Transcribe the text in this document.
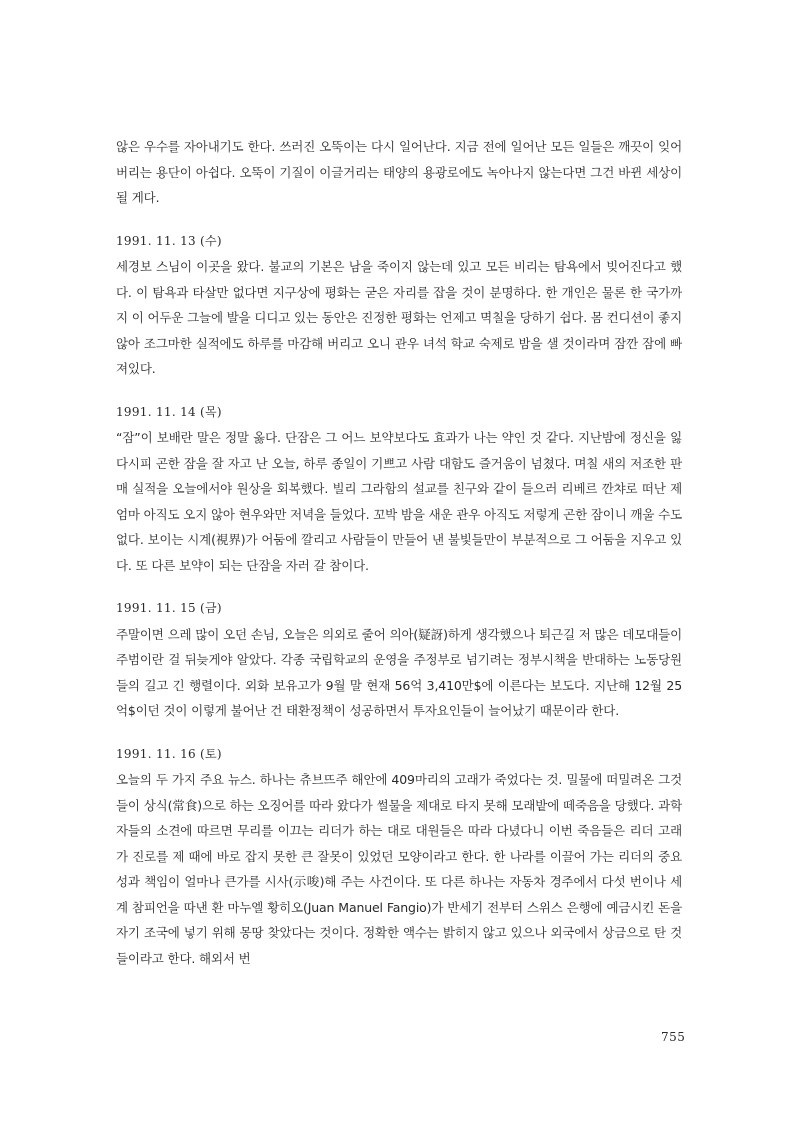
않은 우수를 자아내기도 한다. 쓰러진 오뚝이는 다시 일어난다. 지금 전에 일어난 모든 일들은 깨끗이 잊어버리는 용단이 아쉽다. 오뚝이 기질이 이글거리는 태양의 용광로에도 녹아나지 않는다면 그건 바뀐 세상이 될 게다.

1991. 11. 13 (수)

세경보 스님이 이곳을 왔다. 불교의 기본은 남을 죽이지 않는데 있고 모든 비리는 탐욕에서 빚어진다고 했다. 이 탐욕과 타살만 없다면 지구상에 평화는 굳은 자리를 잡을 것이 분명하다. 한 개인은 물론 한 국가까지 이 어두운 그늘에 발을 디디고 있는 동안은 진정한 평화는 언제고 멱칠을 당하기 쉽다. 몸 컨디션이 좋지 않아 조그마한 실적에도 하루를 마감해 버리고 오니 관우 녀석 학교 숙제로 밤을 샐 것이라며 잠깐 잠에 빠져있다.

1991. 11. 14 (목)

“잠”이 보배란 말은 정말 옳다. 단잠은 그 어느 보약보다도 효과가 나는 약인 것 같다. 지난밤에 정신을 잃다시피 곤한 잠을 잘 자고 난 오늘, 하루 종일이 기쁘고 사람 대함도 즐거움이 넘쳤다. 며칠 새의 저조한 판매 실적을 오늘에서야 원상을 회복했다. 빌리 그라함의 설교를 친구와 같이 들으러 리베르 깐챠로 떠난 제 엄마 아직도 오지 않아 현우와만 저녁을 들었다. 꼬박 밤을 새운 관우 아직도 저렇게 곤한 잠이니 깨울 수도 없다. 보이는 시계(視界)가 어둠에 깔리고 사람들이 만들어 낸 불빛들만이 부분적으로 그 어둠을 지우고 있다. 또 다른 보약이 되는 단잠을 자러 갈 참이다.

1991. 11. 15 (금)

주말이면 으레 많이 오던 손님, 오늘은 의외로 줄어 의아(疑訝)하게 생각했으나 퇴근길 저 많은 데모대들이 주범이란 걸 뒤늦게야 알았다. 각종 국립학교의 운영을 주정부로 넘기려는 정부시책을 반대하는 노동당원들의 길고 긴 행렬이다. 외화 보유고가 9월 말 현재 56억 3,410만$에 이른다는 보도다. 지난해 12월 25억$이던 것이 이렇게 불어난 건 태환정책이 성공하면서 투자요인들이 늘어났기 때문이라 한다.

1991. 11. 16 (토)

오늘의 두 가지 주요 뉴스. 하나는 츄브뜨주 해안에 409마리의 고래가 죽었다는 것. 밀물에 떠밀려온 그것들이 상식(常食)으로 하는 오징어를 따라 왔다가 썰물을 제대로 타지 못해 모래밭에 떼죽음을 당했다. 과학자들의 소견에 따르면 무리를 이끄는 리더가 하는 대로 대원들은 따라 다녔다니 이번 죽음들은 리더 고래가 진로를 제 때에 바로 잡지 못한 큰 잘못이 있었던 모양이라고 한다. 한 나라를 이끌어 가는 리더의 중요성과 책임이 얼마나 큰가를 시사(示唆)해 주는 사건이다. 또 다른 하나는 자동차 경주에서 다섯 번이나 세계 참피언을 따낸 환 마누엘 황히오(Juan Manuel Fangio)가 반세기 전부터 스위스 은행에 예금시킨 돈을 자기 조국에 넣기 위해 몽땅 찾았다는 것이다. 정확한 액수는 밝히지 않고 있으나 외국에서 상금으로 탄 것들이라고 한다. 해외서 번

755
